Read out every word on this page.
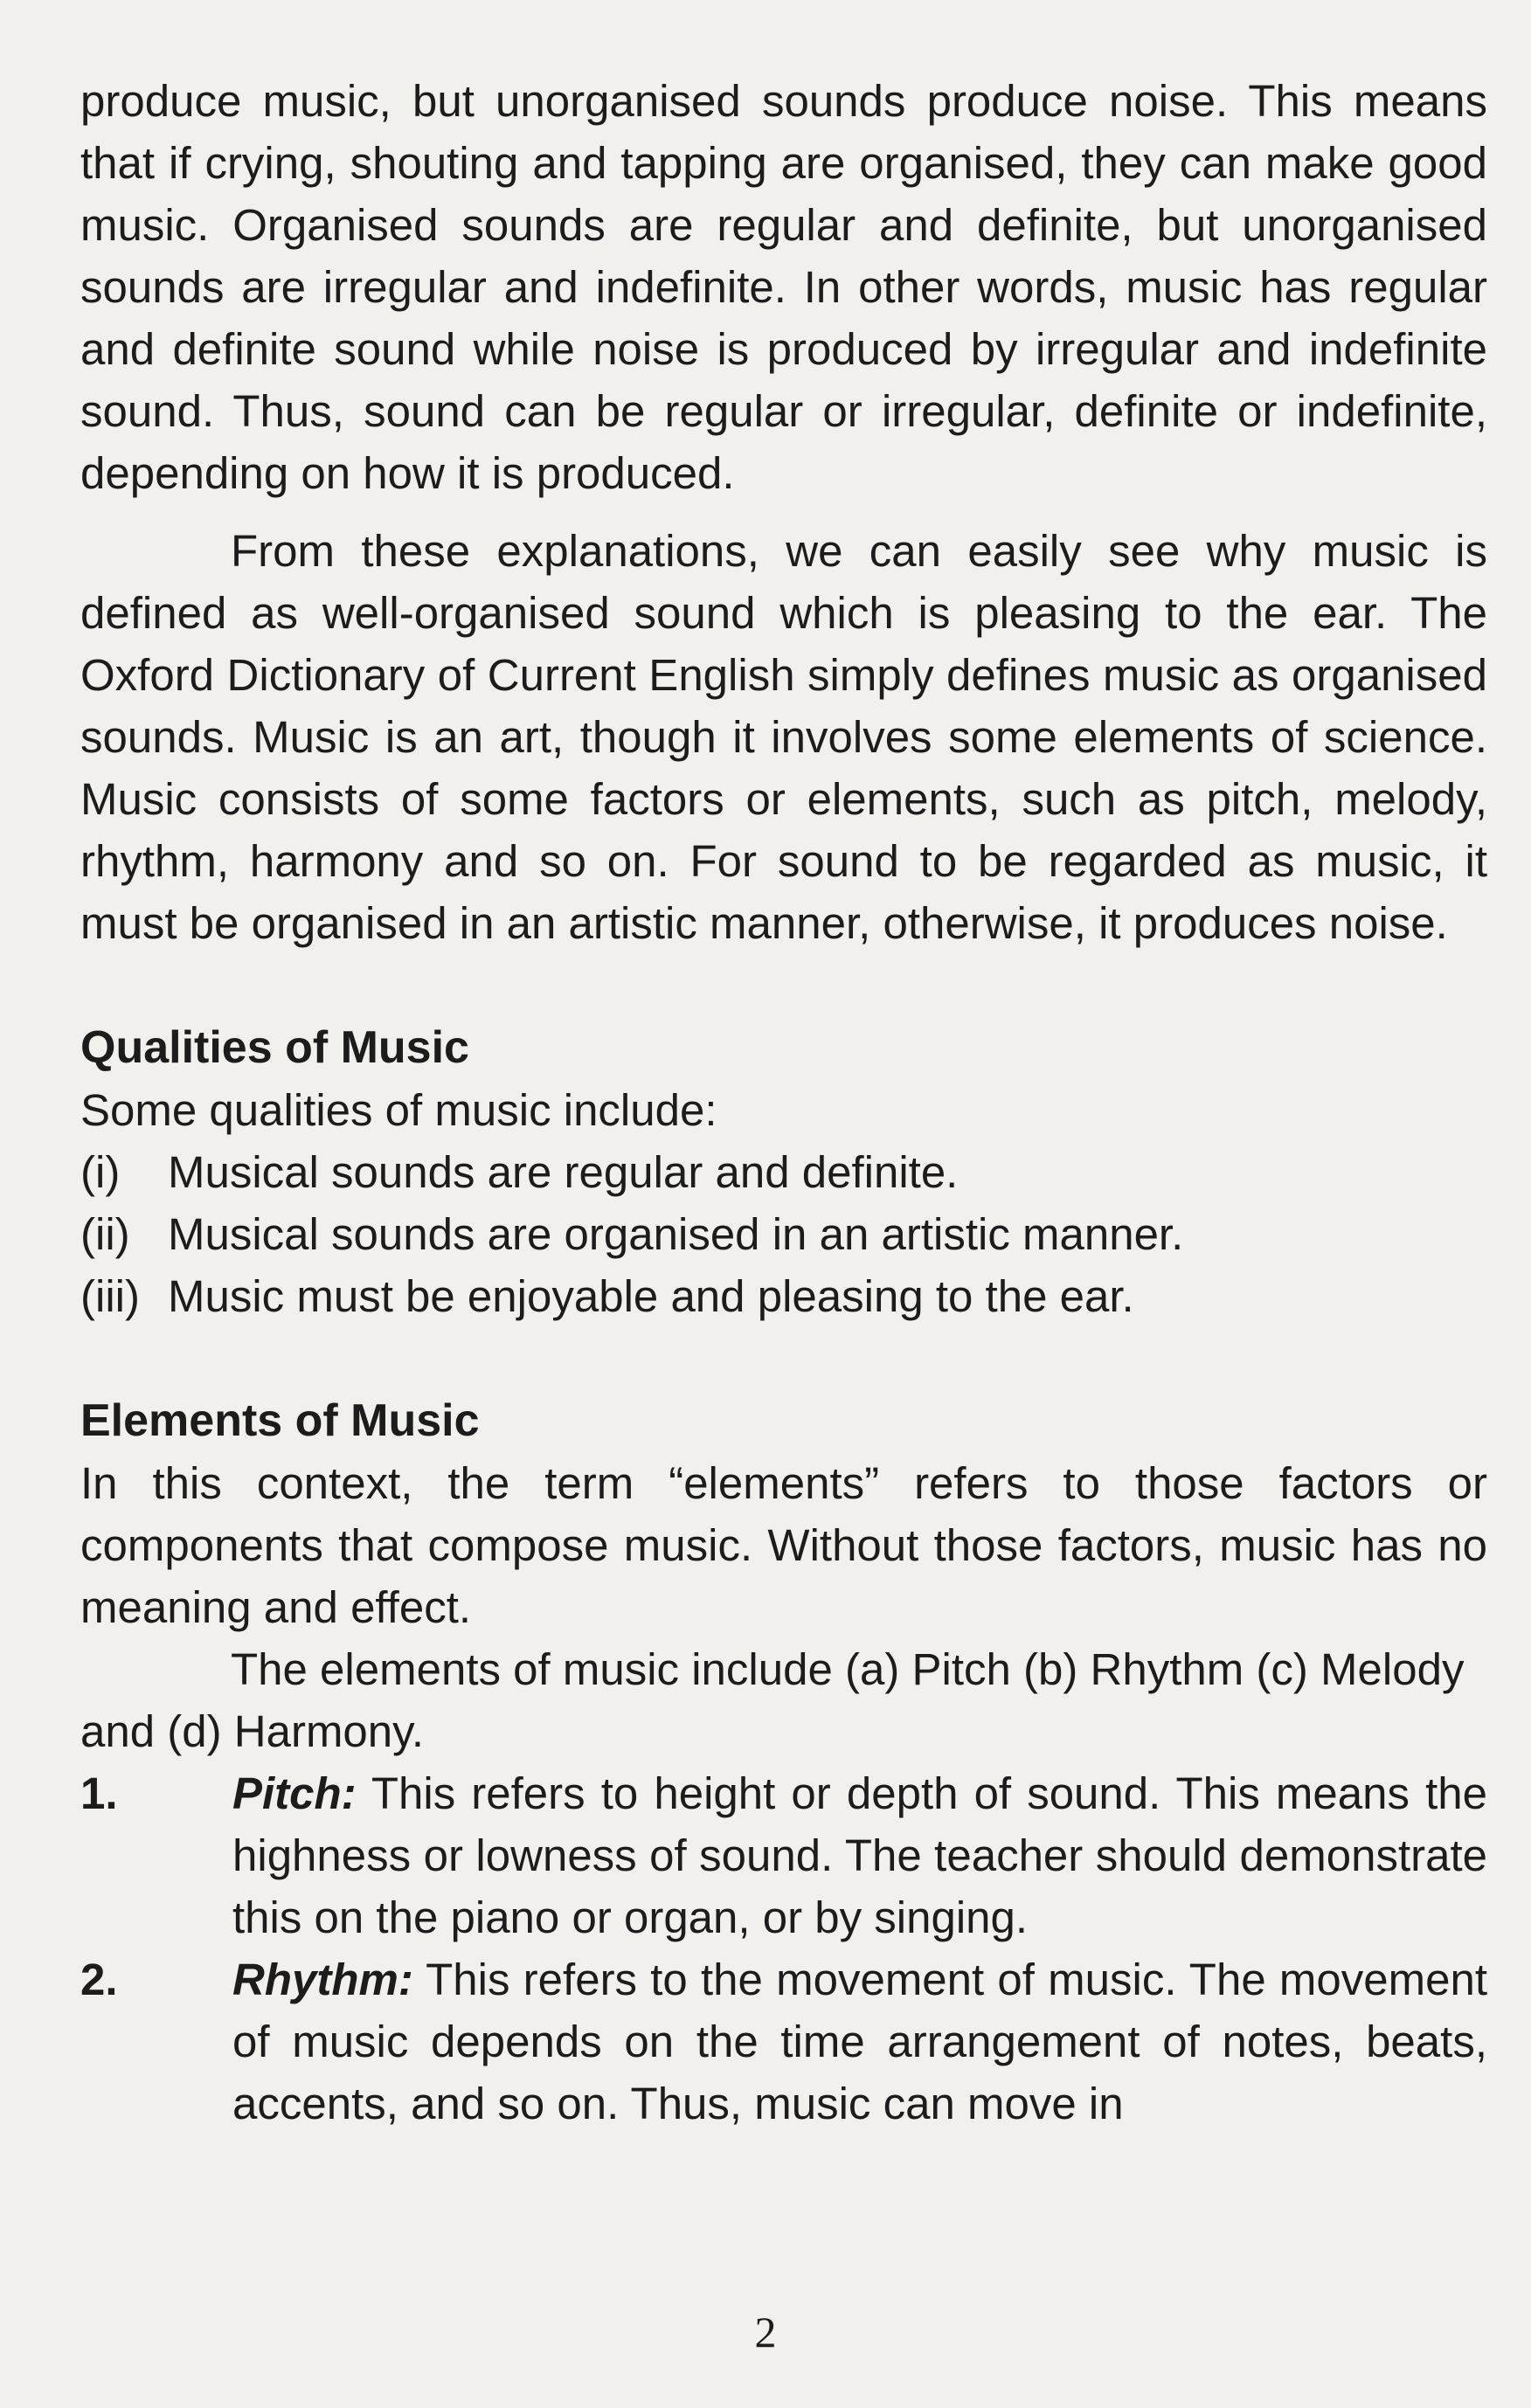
produce music, but unorganised sounds produce noise. This means that if crying, shouting and tapping are organised, they can make good music. Organised sounds are regular and definite, but unorganised sounds are irregular and indefinite. In other words, music has regular and definite sound while noise is produced by irregular and indefinite sound. Thus, sound can be regular or irregular, definite or indefinite, depending on how it is produced.

From these explanations, we can easily see why music is defined as well-organised sound which is pleasing to the ear. The Oxford Dictionary of Current English simply defines music as organised sounds. Music is an art, though it involves some elements of science. Music consists of some factors or elements, such as pitch, melody, rhythm, harmony and so on. For sound to be regarded as music, it must be organised in an artistic manner, otherwise, it produces noise.

Qualities of Music

Some qualities of music include:

(i)	Musical sounds are regular and definite.
(ii) Musical sounds are organised in an artistic manner.
(iii) Music must be enjoyable and pleasing to the ear.
Elements of Music

In this context, the term “elements” refers to those factors or components that compose music. Without those factors, music has no meaning and effect.

The elements of music include (a) Pitch (b) Rhythm (c) Melody and (d) Harmony.

1.	Pitch: This refers to height or depth of sound. This means the highness or lowness of sound. The teacher should demonstrate this on the piano or organ, or by singing.

2.	Rhythm: This refers to the movement of music. The movement of music depends on the time arrangement of notes, beats, accents, and so on. Thus, music can move in

2
